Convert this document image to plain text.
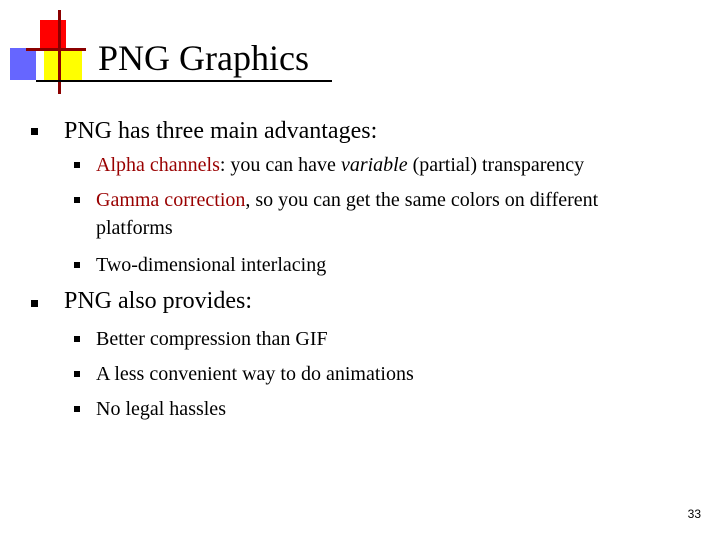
PNG Graphics
PNG has three main advantages:
Alpha channels: you can have variable (partial) transparency
Gamma correction, so you can get the same colors on different
platforms
Two-dimensional interlacing
PNG also provides:
Better compression than GIF
A less convenient way to do animations
No legal hassles
33
